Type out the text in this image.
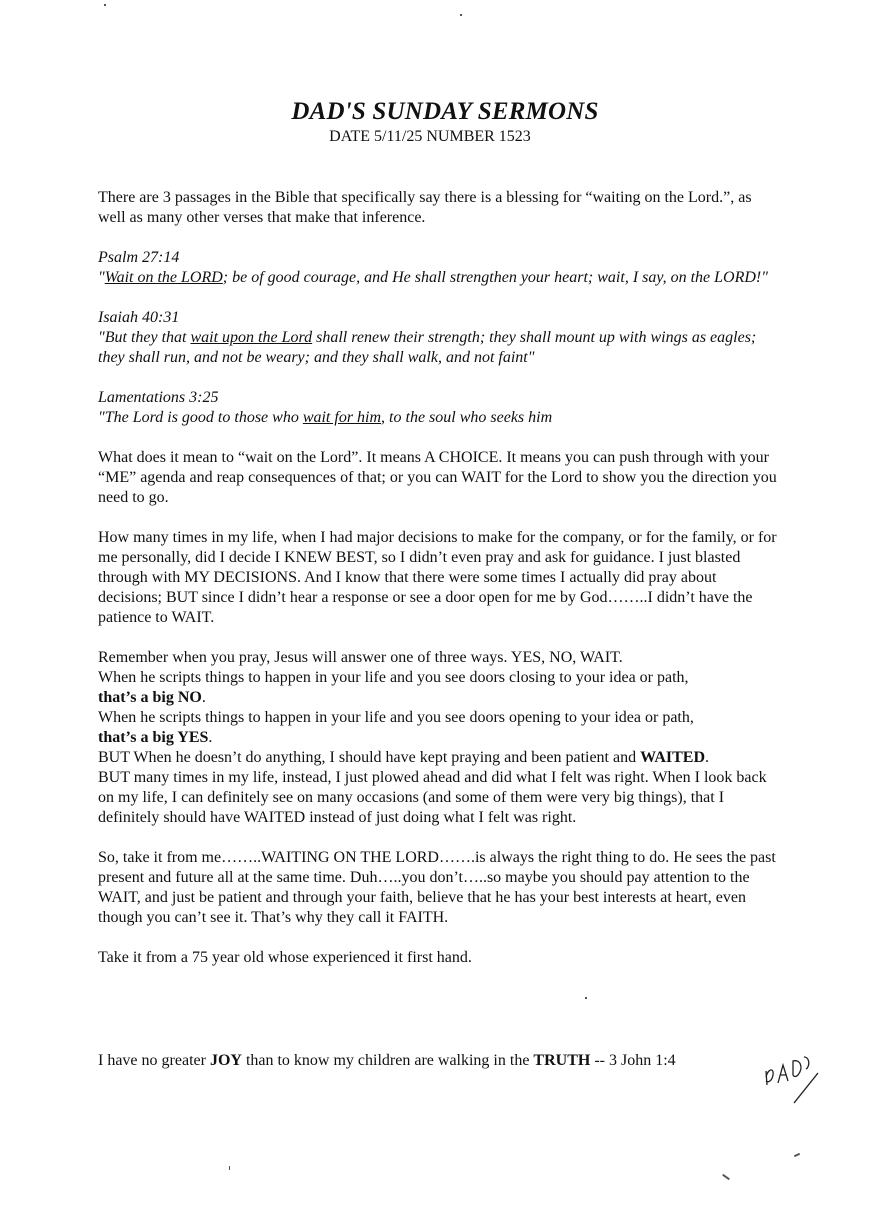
DAD'S SUNDAY SERMONS
DATE 5/11/25 NUMBER 1523

There are 3 passages in the Bible that specifically say there is a blessing for “waiting on the Lord.”, as well as many other verses that make that inference.

Psalm 27:14
"Wait on the LORD; be of good courage, and He shall strengthen your heart; wait, I say, on the LORD!"

Isaiah 40:31
"But they that wait upon the Lord shall renew their strength; they shall mount up with wings as eagles; they shall run, and not be weary; and they shall walk, and not faint"

Lamentations 3:25
"The Lord is good to those who wait for him, to the soul who seeks him

What does it mean to “wait on the Lord”. It means A CHOICE. It means you can push through with your “ME” agenda and reap consequences of that; or you can WAIT for the Lord to show you the direction you need to go.

How many times in my life, when I had major decisions to make for the company, or for the family, or for me personally, did I decide I KNEW BEST, so I didn’t even pray and ask for guidance. I just blasted through with MY DECISIONS. And I know that there were some times I actually did pray about decisions; BUT since I didn’t hear a response or see a door open for me by God……..I didn’t have the patience to WAIT.

Remember when you pray, Jesus will answer one of three ways. YES, NO, WAIT.
When he scripts things to happen in your life and you see doors closing to your idea or path,
that’s a big NO.
When he scripts things to happen in your life and you see doors opening to your idea or path,
that’s a big YES.
BUT When he doesn’t do anything, I should have kept praying and been patient and WAITED.
BUT many times in my life, instead, I just plowed ahead and did what I felt was right. When I look back on my life, I can definitely see on many occasions (and some of them were very big things), that I definitely should have WAITED instead of just doing what I felt was right.

So, take it from me……..WAITING ON THE LORD…….is always the right thing to do. He sees the past present and future all at the same time. Duh…..you don’t…..so maybe you should pay attention to the WAIT, and just be patient and through your faith, believe that he has your best interests at heart, even though you can’t see it. That’s why they call it FAITH.

Take it from a 75 year old whose experienced it first hand.

I have no greater JOY than to know my children are walking in the TRUTH -- 3 John 1:4
